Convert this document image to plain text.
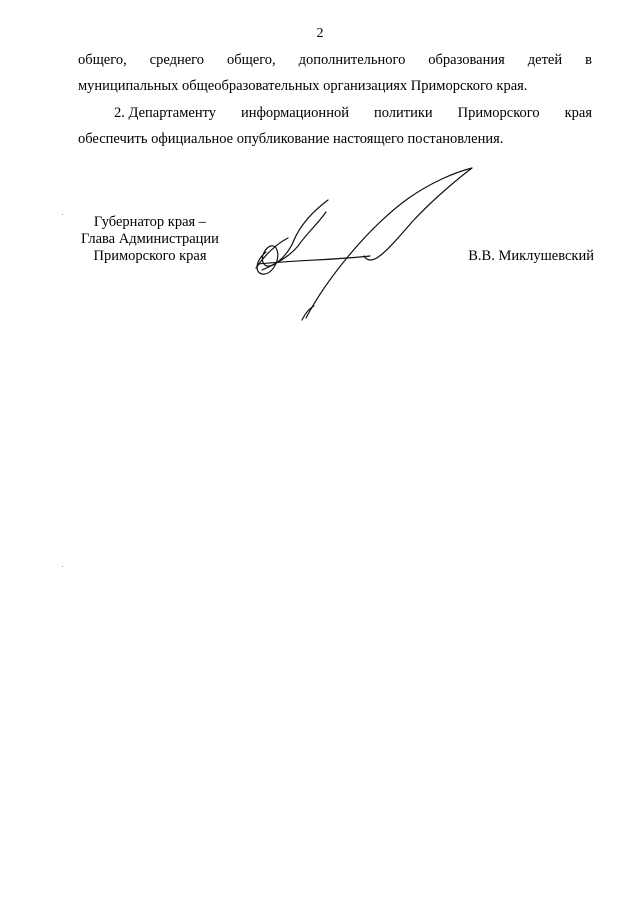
2
общего, среднего общего, дополнительного образования детей в
муниципальных общеобразовательных организациях Приморского края.
2. Департаменту информационной политики Приморского края
обеспечить официальное опубликование настоящего постановления.
Губернатор края –
Глава Администрации
Приморского края	В.В. Миклушевский
